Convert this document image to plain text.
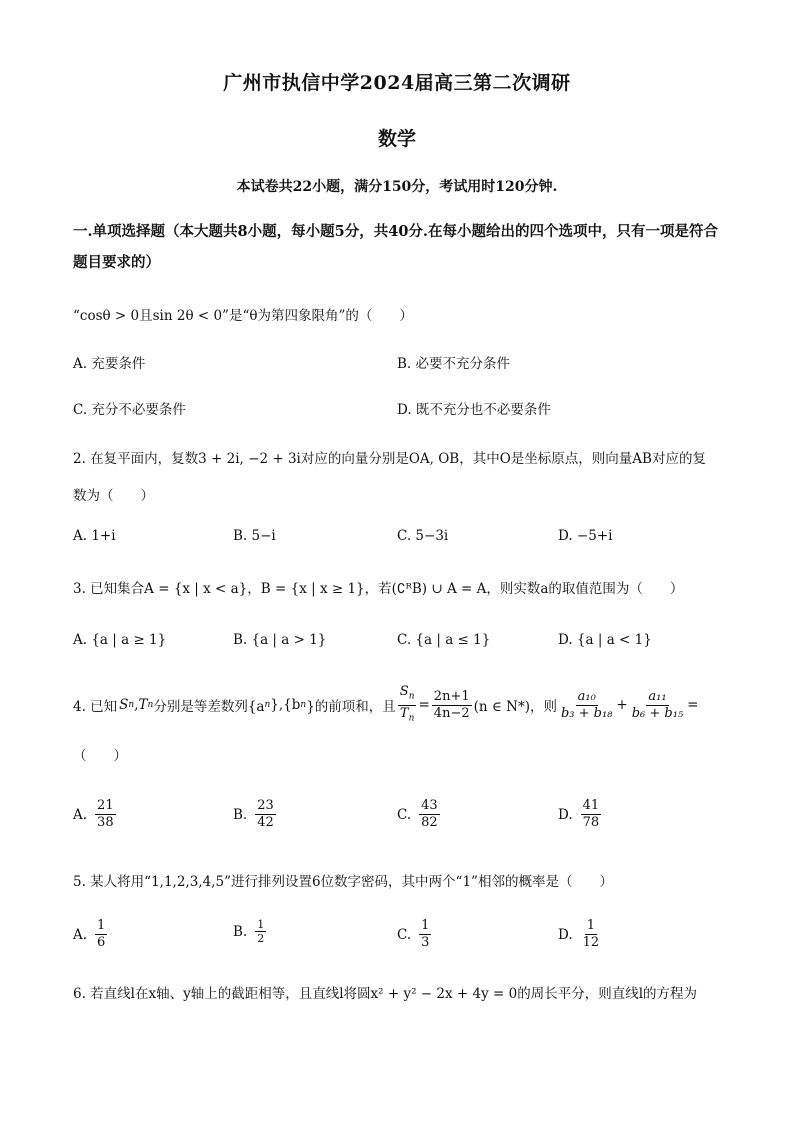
广州市执信中学2024届高三第二次调研
数学
本试卷共22小题，满分150分，考试用时120分钟.
一.单项选择题（本大题共8小题，每小题5分，共40分.在每小题给出的四个选项中，只有一项是符合题目要求的）
“cosθ > 0且sin 2θ < 0”是“θ为第四象限角”的（　　）
A. 充要条件	B. 必要不充分条件
C. 充分不必要条件	D. 既不充分也不必要条件
2. 在复平面内，复数3 + 2i, −2 + 3i对应的向量分别是OA, OB，其中O是坐标原点，则向量AB对应的复
数为（　　）
A. 1+i	B. 5−i	C. 5−3i	D. −5+i
3. 已知集合A = {x | x < a}，B = {x | x ≥ 1}，若(∁ᴿB) ∪ A = A，则实数a的取值范围为（　　）
A. {a | a ≥ 1}	B. {a | a > 1}	C. {a | a ≤ 1}	D. {a | a < 1}
4. 已知 S n , T n 分别是等差数列{a n },{b n }的前项和，且 $\frac{S_n}{T_n} = \frac{2n+1}{4n-2} (n$ ∈ N*)，则 $\frac{\text{a₁₀}}{\text{b₃ + b₁₈}} + \frac{\text{a₁₁}}{\text{b₆ + b₁₅}}$ =
（　　）
A. $\frac{21}{38}$	B. $\frac{23}{42}$	C. $\frac{43}{82}$	D. $\frac{41}{78}$
5. 某人将用“1,1,2,3,4,5”进行排列设置6位数字密码，其中两个“1”相邻的概率是（　　）
A. $\frac{1}{6}$	B. $\frac{1}{2}$	C. $\frac{1}{3}$	D. $\frac{1}{12}$
6. 若直线l在x轴、y轴上的截距相等，且直线l将圆x² + y² − 2x + 4y = 0的周长平分，则直线l的方程为
